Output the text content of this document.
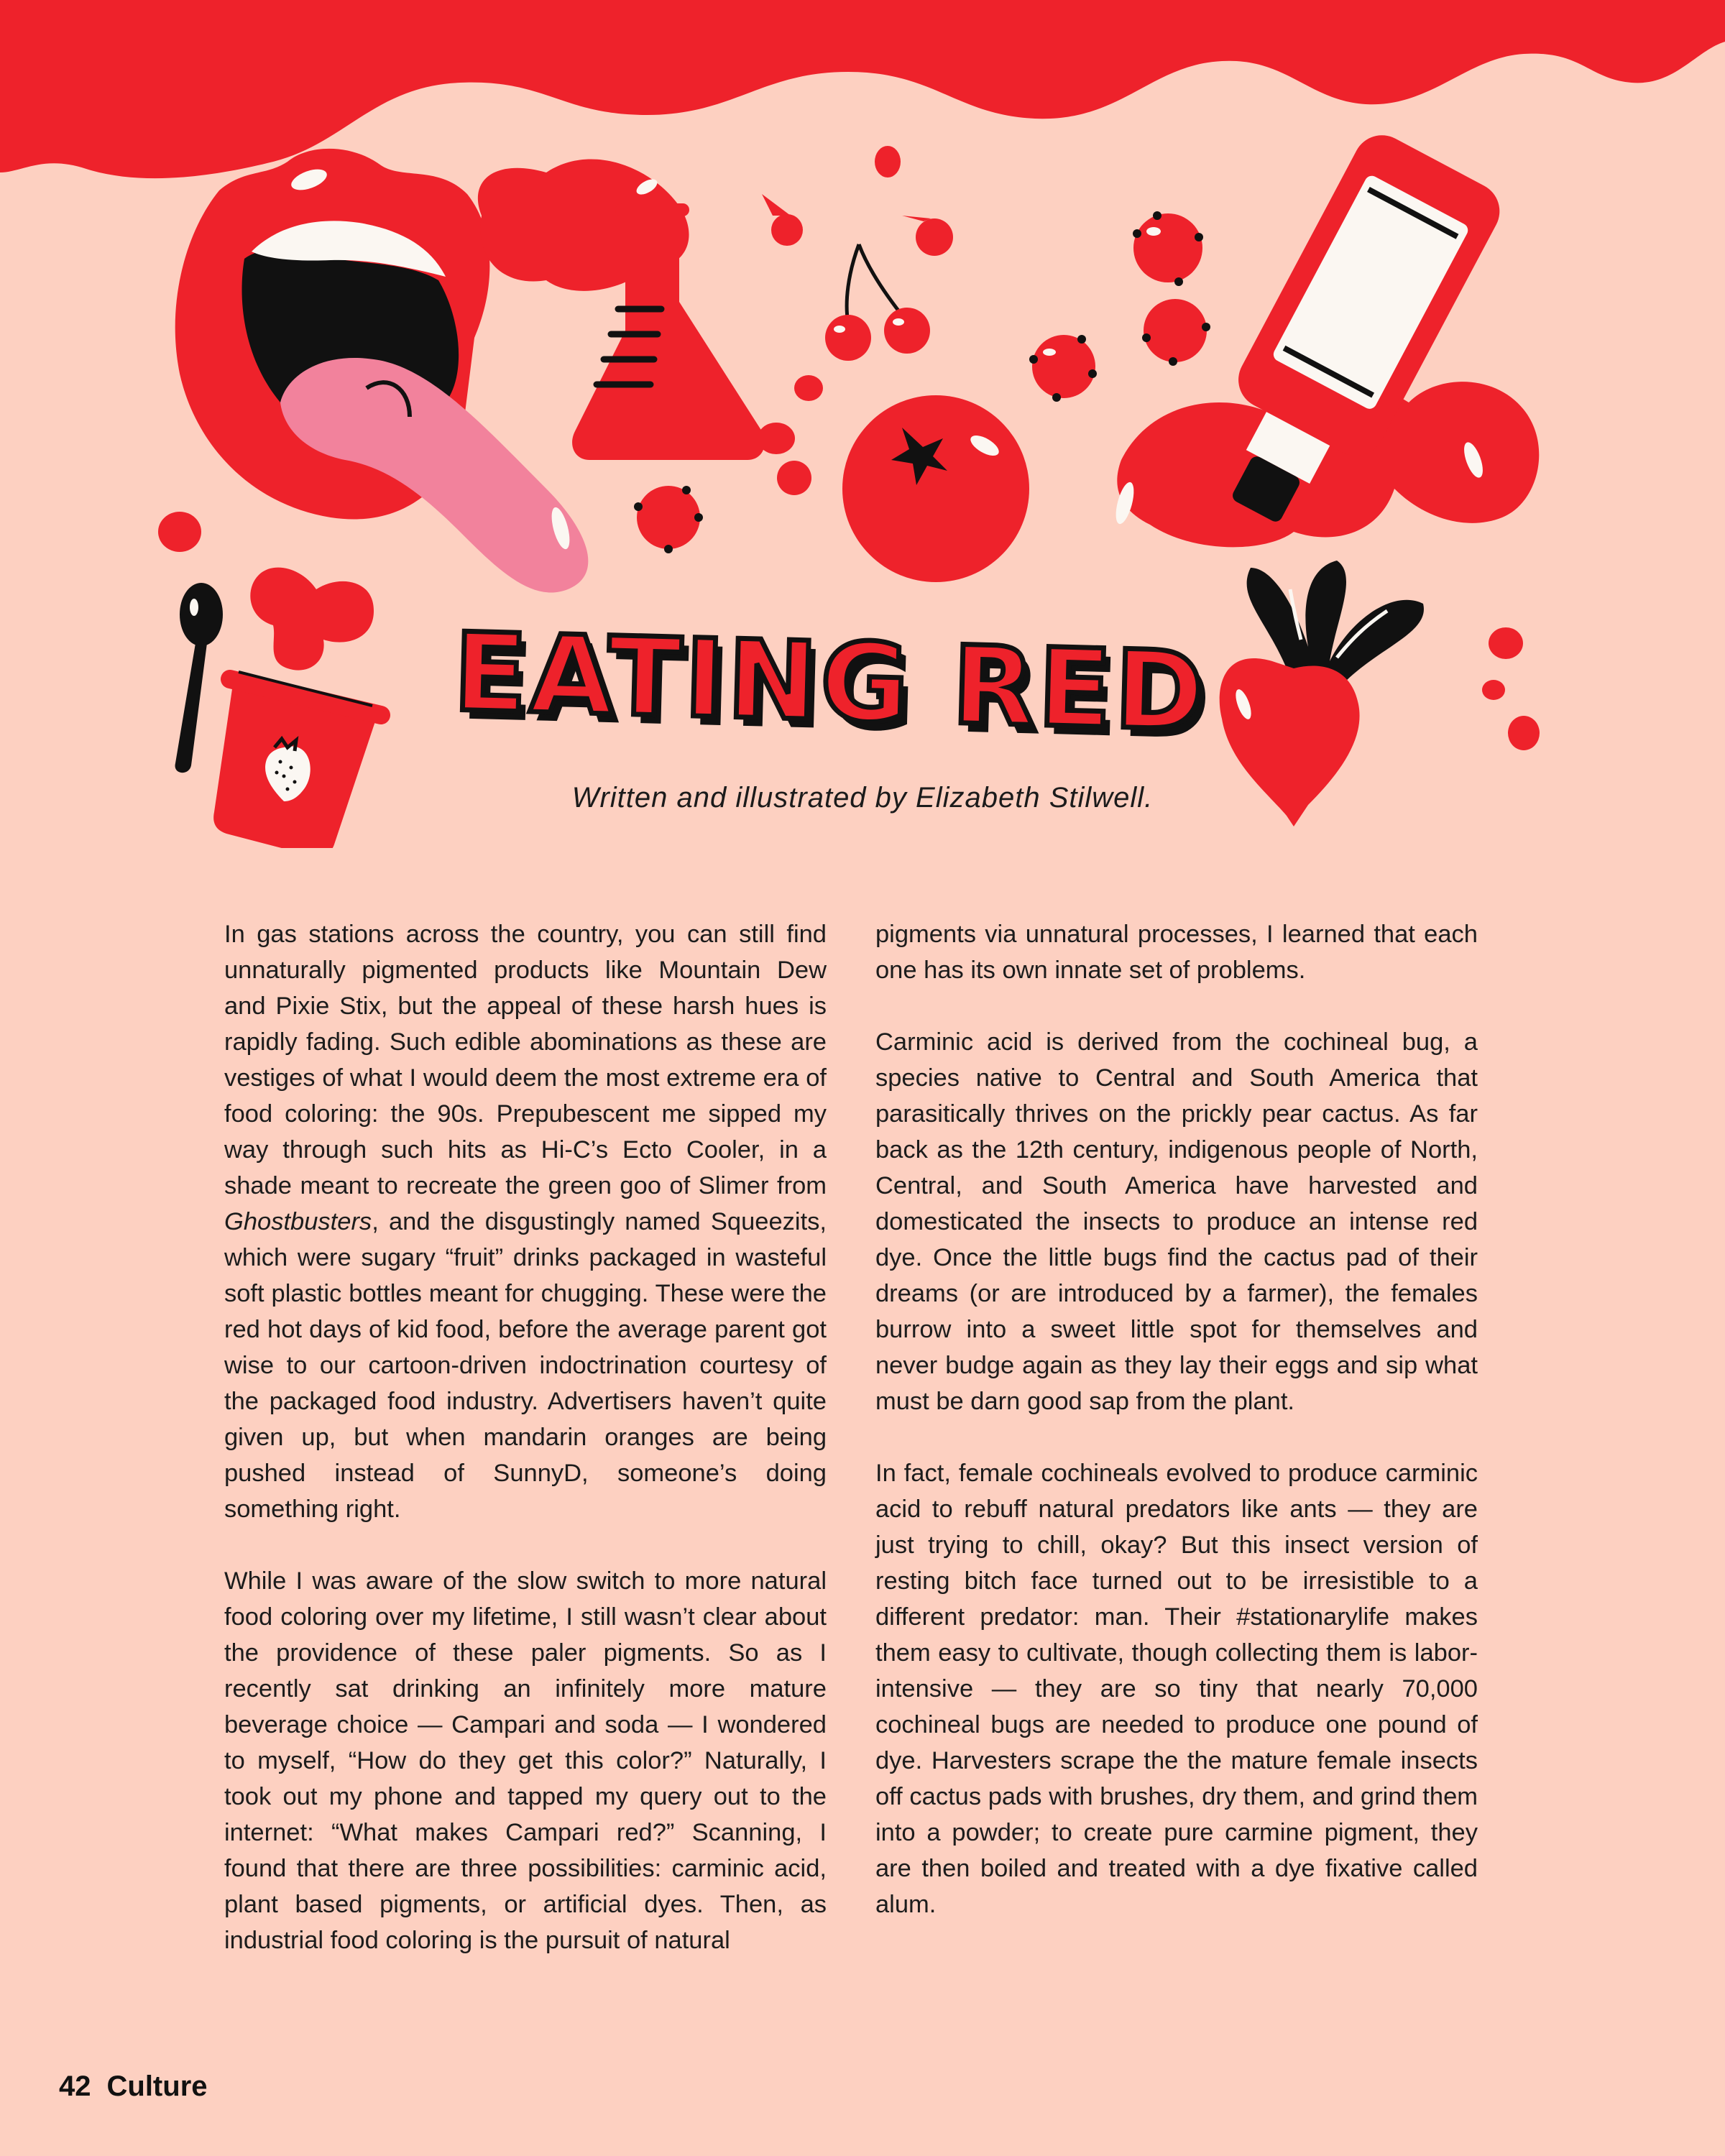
EATING RED
Written and illustrated by Elizabeth Stilwell.

In gas stations across the country, you can still find unnaturally pigmented products like Mountain Dew and Pixie Stix, but the appeal of these harsh hues is rapidly fading. Such edible abominations as these are vestiges of what I would deem the most extreme era of food coloring: the 90s. Prepubescent me sipped my way through such hits as Hi-C’s Ecto Cooler, in a shade meant to recreate the green goo of Slimer from Ghostbusters, and the disgustingly named Squeezits, which were sugary “fruit” drinks packaged in wasteful soft plastic bottles meant for chugging. These were the red hot days of kid food, before the average parent got wise to our cartoon-driven indoctrination courtesy of the packaged food industry. Advertisers haven’t quite given up, but when mandarin oranges are being pushed instead of SunnyD, someone’s doing something right.

While I was aware of the slow switch to more natural food coloring over my lifetime, I still wasn’t clear about the providence of these paler pigments. So as I recently sat drinking an infinitely more mature beverage choice — Campari and soda — I wondered to myself, “How do they get this color?” Naturally, I took out my phone and tapped my query out to the internet: “What makes Campari red?” Scanning, I found that there are three possibilities: carminic acid, plant based pigments, or artificial dyes. Then, as industrial food coloring is the pursuit of natural

pigments via unnatural processes, I learned that each one has its own innate set of problems.

Carminic acid is derived from the cochineal bug, a species native to Central and South America that parasitically thrives on the prickly pear cactus. As far back as the 12th century, indigenous people of North, Central, and South America have harvested and domesticated the insects to produce an intense red dye. Once the little bugs find the cactus pad of their dreams (or are introduced by a farmer), the females burrow into a sweet little spot for themselves and never budge again as they lay their eggs and sip what must be darn good sap from the plant.

In fact, female cochineals evolved to produce carminic acid to rebuff natural predators like ants — they are just trying to chill, okay? But this insect version of resting bitch face turned out to be irresistible to a different predator: man. Their #stationarylife makes them easy to cultivate, though collecting them is labor-intensive — they are so tiny that nearly 70,000 cochineal bugs are needed to produce one pound of dye. Harvesters scrape the the mature female insects off cactus pads with brushes, dry them, and grind them into a powder; to create pure carmine pigment, they are then boiled and treated with a dye fixative called alum.

42 Culture
